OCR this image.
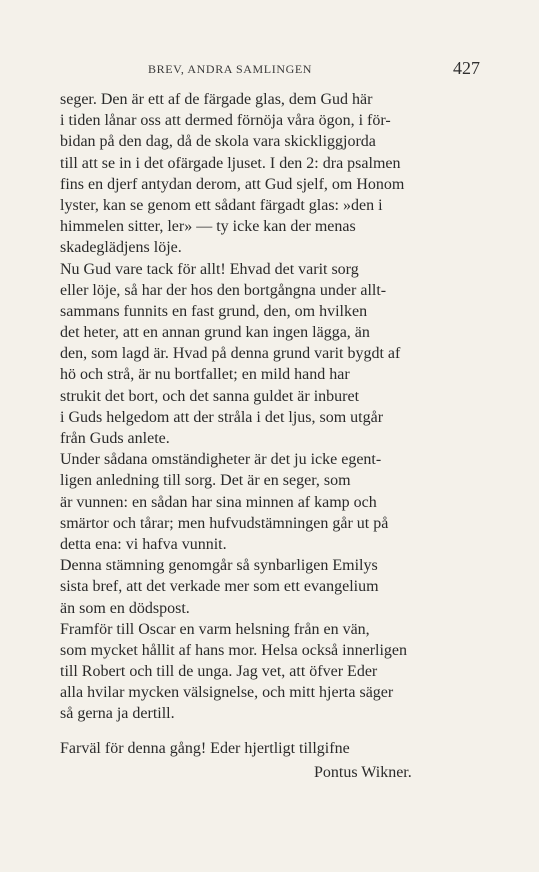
BREV, ANDRA SAMLINGEN	427
seger. Den är ett af de färgade glas, dem Gud här
i tiden lånar oss att dermed förnöja våra ögon, i för-
bidan på den dag, då de skola vara skickliggjorda
till att se in i det ofärgade ljuset. I den 2: dra psalmen
fins en djerf antydan derom, att Gud sjelf, om Honom
lyster, kan se genom ett sådant färgadt glas: »den i
himmelen sitter, ler» — ty icke kan der menas
skadeglädjens löje.
Nu Gud vare tack för allt! Ehvad det varit sorg
eller löje, så har der hos den bortgångna under allt-
sammans funnits en fast grund, den, om hvilken
det heter, att en annan grund kan ingen lägga, än
den, som lagd är. Hvad på denna grund varit bygdt af
hö och strå, är nu bortfallet; en mild hand har
strukit det bort, och det sanna guldet är inburet
i Guds helgedom att der stråla i det ljus, som utgår
från Guds anlete.
Under sådana omständigheter är det ju icke egent-
ligen anledning till sorg. Det är en seger, som
är vunnen: en sådan har sina minnen af kamp och
smärtor och tårar; men hufvudstämningen går ut på
detta ena: vi hafva vunnit.
Denna stämning genomgår så synbarligen Emilys
sista bref, att det verkade mer som ett evangelium
än som en dödspost.
Framför till Oscar en varm helsning från en vän,
som mycket hållit af hans mor. Helsa också innerligen
till Robert och till de unga. Jag vet, att öfver Eder
alla hvilar mycken välsignelse, och mitt hjerta säger
så gerna ja dertill.
Farväl för denna gång! Eder hjertligt tillgifne
Pontus Wikner.
